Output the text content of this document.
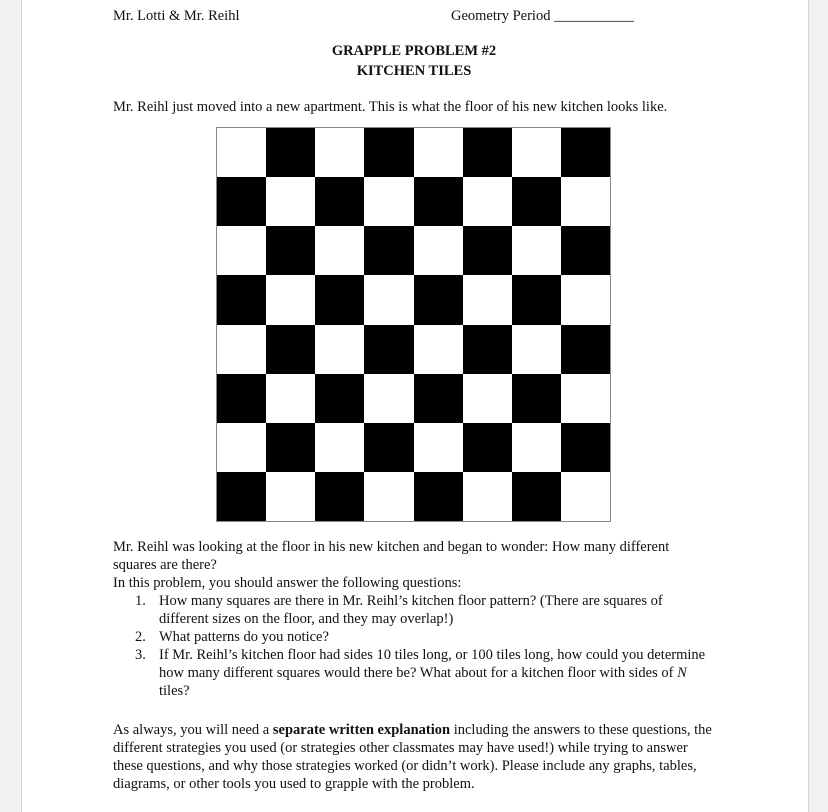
Mr. Lotti & Mr. Reihl	Geometry Period ___________
GRAPPLE PROBLEM #2
KITCHEN TILES
Mr. Reihl just moved into a new apartment. This is what the floor of his new kitchen looks like.
Mr. Reihl was looking at the floor in his new kitchen and began to wonder: How many different squares are there?
In this problem, you should answer the following questions:
1. How many squares are there in Mr. Reihl’s kitchen floor pattern? (There are squares of different sizes on the floor, and they may overlap!)
2. What patterns do you notice?
3. If Mr. Reihl’s kitchen floor had sides 10 tiles long, or 100 tiles long, how could you determine how many different squares would there be? What about for a kitchen floor with sides of N tiles?
As always, you will need a separate written explanation including the answers to these questions, the different strategies you used (or strategies other classmates may have used!) while trying to answer these questions, and why those strategies worked (or didn’t work). Please include any graphs, tables, diagrams, or other tools you used to grapple with the problem.
